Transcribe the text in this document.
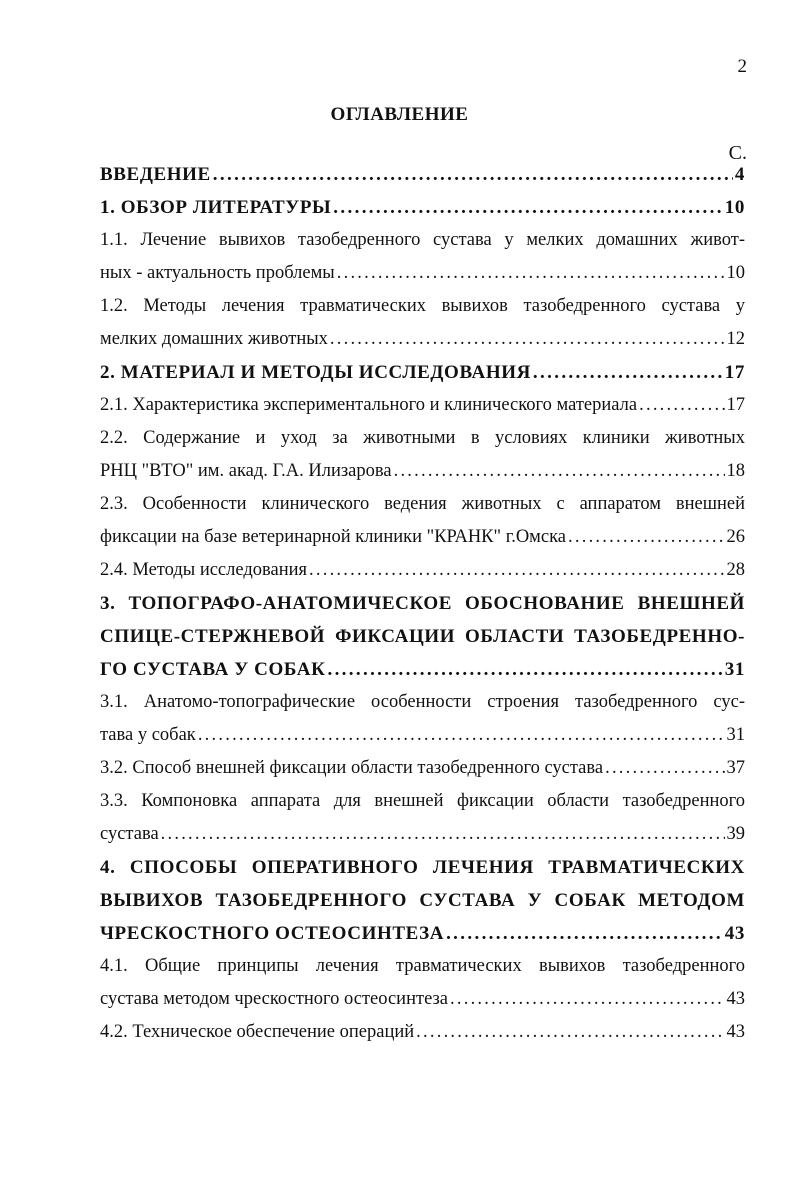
2
ОГЛАВЛЕНИЕ
С.
ВВЕДЕНИЕ . . .	4
1. ОБЗОР ЛИТЕРАТУРЫ . . .	10
1.1. Лечение вывихов тазобедренного сустава у мелких домашних живот-
ных - актуальность проблемы . . .	10
1.2. Методы лечения травматических вывихов тазобедренного сустава у
мелких домашних животных . . .	12
2. МАТЕРИАЛ И МЕТОДЫ ИССЛЕДОВАНИЯ . . .	17
2.1. Характеристика экспериментального и клинического материала . . .	17
2.2. Содержание и уход за животными в условиях клиники животных
РНЦ "ВТО" им. акад. Г.А. Илизарова . . .	18
2.3. Особенности клинического ведения животных с аппаратом внешней
фиксации на базе ветеринарной клиники "КРАНК" г.Омска . . .	26
2.4. Методы исследования . . .	28
3. ТОПОГРАФО-АНАТОМИЧЕСКОЕ ОБОСНОВАНИЕ ВНЕШНЕЙ
СПИЦЕ-СТЕРЖНЕВОЙ ФИКСАЦИИ ОБЛАСТИ ТАЗОБЕДРЕННО-
ГО СУСТАВА У СОБАК . . .	31
3.1. Анатомо-топографические особенности строения тазобедренного сус-
тава у собак . . .	31
3.2. Способ внешней фиксации области тазобедренного сустава . . .	37
3.3. Компоновка аппарата для внешней фиксации области тазобедренного
сустава . . .	39
4. СПОСОБЫ ОПЕРАТИВНОГО ЛЕЧЕНИЯ ТРАВМАТИЧЕСКИХ
ВЫВИХОВ ТАЗОБЕДРЕННОГО СУСТАВА У СОБАК МЕТОДОМ
ЧРЕСКОСТНОГО ОСТЕОСИНТЕЗА . . .	43
4.1. Общие принципы лечения травматических вывихов тазобедренного
сустава методом чрескостного остеосинтеза . . .	43
4.2. Техническое обеспечение операций . . .	43
